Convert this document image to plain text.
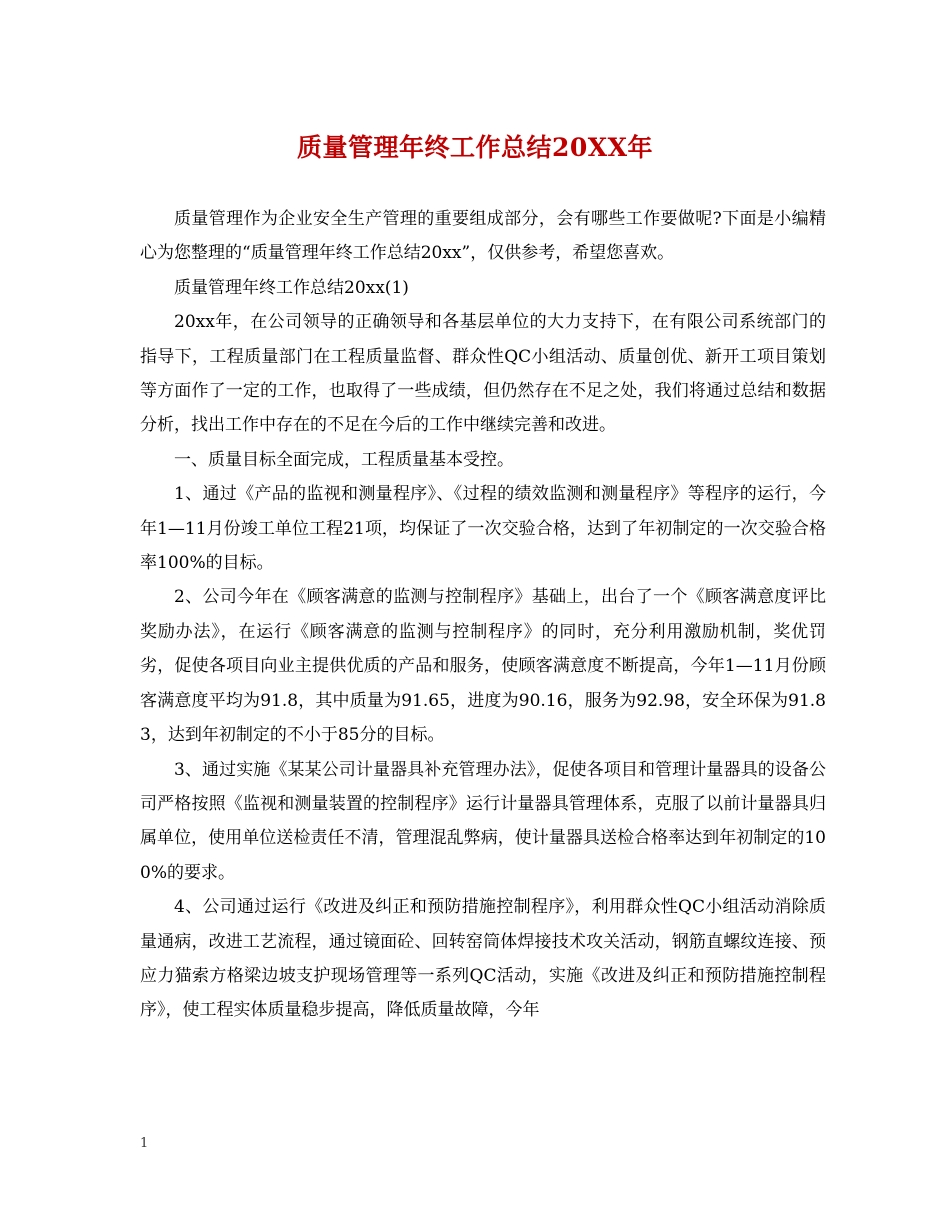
质量管理年终工作总结20XX年

质量管理作为企业安全生产管理的重要组成部分，会有哪些工作要做呢?下面是小编精心为您整理的“质量管理年终工作总结20xx”，仅供参考，希望您喜欢。

质量管理年终工作总结20xx(1)

20xx年，在公司领导的正确领导和各基层单位的大力支持下，在有限公司系统部门的指导下，工程质量部门在工程质量监督、群众性QC小组活动、质量创优、新开工项目策划等方面作了一定的工作，也取得了一些成绩，但仍然存在不足之处，我们将通过总结和数据分析，找出工作中存在的不足在今后的工作中继续完善和改进。

一、质量目标全面完成，工程质量基本受控。

1、通过《产品的监视和测量程序》、《过程的绩效监测和测量程序》等程序的运行，今年1—11月份竣工单位工程21项，均保证了一次交验合格，达到了年初制定的一次交验合格率100%的目标。

2、公司今年在《顾客满意的监测与控制程序》基础上，出台了一个《顾客满意度评比奖励办法》，在运行《顾客满意的监测与控制程序》的同时，充分利用激励机制，奖优罚劣，促使各项目向业主提供优质的产品和服务，使顾客满意度不断提高，今年1—11月份顾客满意度平均为91.8，其中质量为91.65，进度为90.16，服务为92.98，安全环保为91.83，达到年初制定的不小于85分的目标。

3、通过实施《某某公司计量器具补充管理办法》，促使各项目和管理计量器具的设备公司严格按照《监视和测量装置的控制程序》运行计量器具管理体系，克服了以前计量器具归属单位，使用单位送检责任不清，管理混乱弊病，使计量器具送检合格率达到年初制定的100%的要求。

4、公司通过运行《改进及纠正和预防措施控制程序》，利用群众性QC小组活动消除质量通病，改进工艺流程，通过镜面砼、回转窑筒体焊接技术攻关活动，钢筋直螺纹连接、预应力猫索方格梁边坡支护现场管理等一系列QC活动，实施《改进及纠正和预防措施控制程序》，使工程实体质量稳步提高，降低质量故障，今年

1
